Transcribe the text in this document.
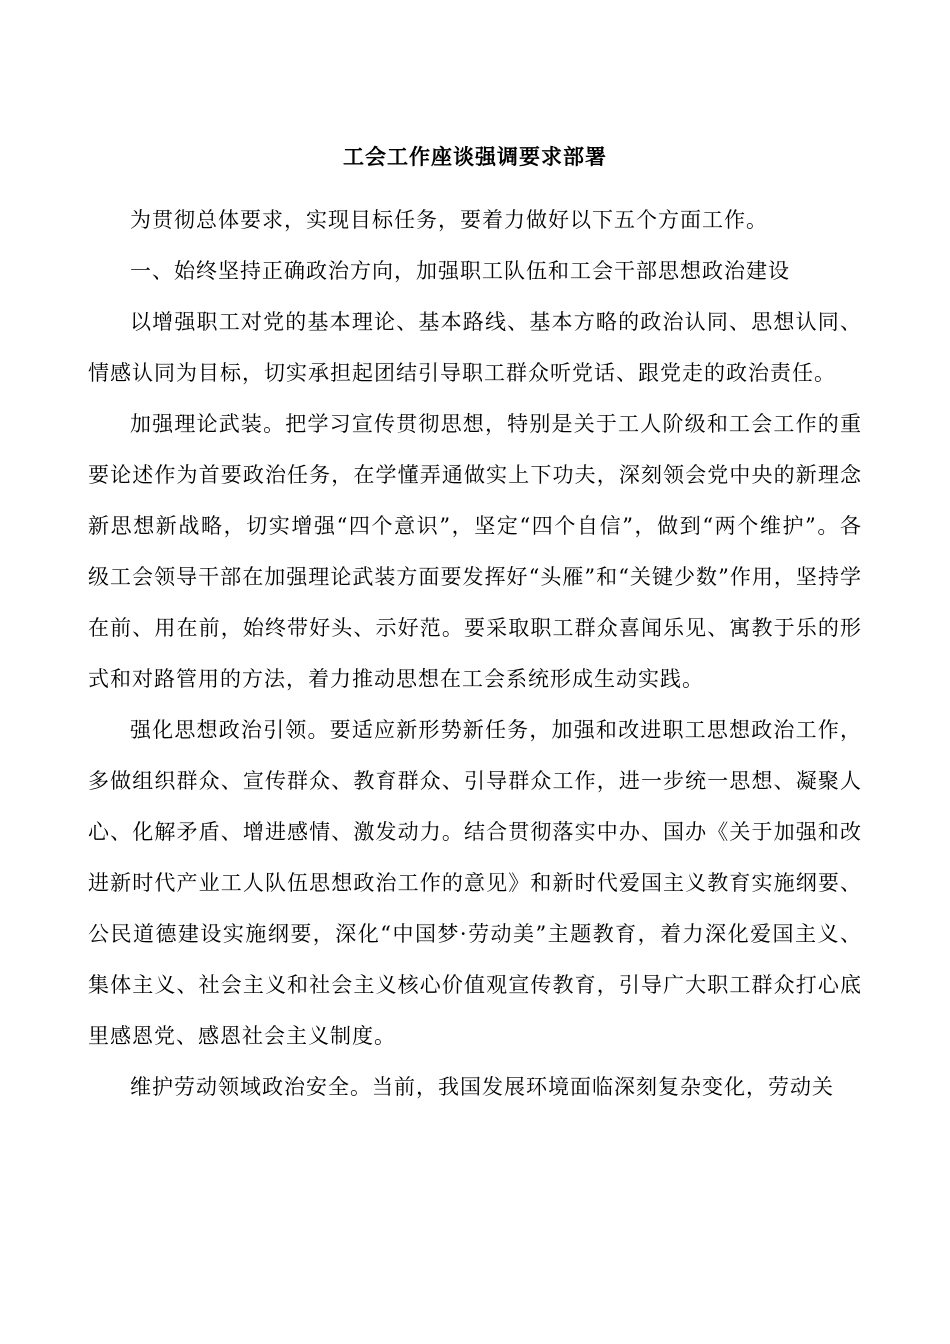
工会工作座谈强调要求部署

为贯彻总体要求，实现目标任务，要着力做好以下五个方面工作。

一、始终坚持正确政治方向，加强职工队伍和工会干部思想政治建设

以增强职工对党的基本理论、基本路线、基本方略的政治认同、思想认同、情感认同为目标，切实承担起团结引导职工群众听党话、跟党走的政治责任。

加强理论武装。把学习宣传贯彻思想，特别是关于工人阶级和工会工作的重要论述作为首要政治任务，在学懂弄通做实上下功夫，深刻领会党中央的新理念新思想新战略，切实增强“四个意识”，坚定“四个自信”，做到“两个维护”。各级工会领导干部在加强理论武装方面要发挥好“头雁”和“关键少数”作用，坚持学在前、用在前，始终带好头、示好范。要采取职工群众喜闻乐见、寓教于乐的形式和对路管用的方法，着力推动思想在工会系统形成生动实践。

强化思想政治引领。要适应新形势新任务，加强和改进职工思想政治工作，多做组织群众、宣传群众、教育群众、引导群众工作，进一步统一思想、凝聚人心、化解矛盾、增进感情、激发动力。结合贯彻落实中办、国办《关于加强和改进新时代产业工人队伍思想政治工作的意见》和新时代爱国主义教育实施纲要、公民道德建设实施纲要，深化“中国梦·劳动美”主题教育，着力深化爱国主义、集体主义、社会主义和社会主义核心价值观宣传教育，引导广大职工群众打心底里感恩党、感恩社会主义制度。

维护劳动领域政治安全。当前，我国发展环境面临深刻复杂变化，劳动关
